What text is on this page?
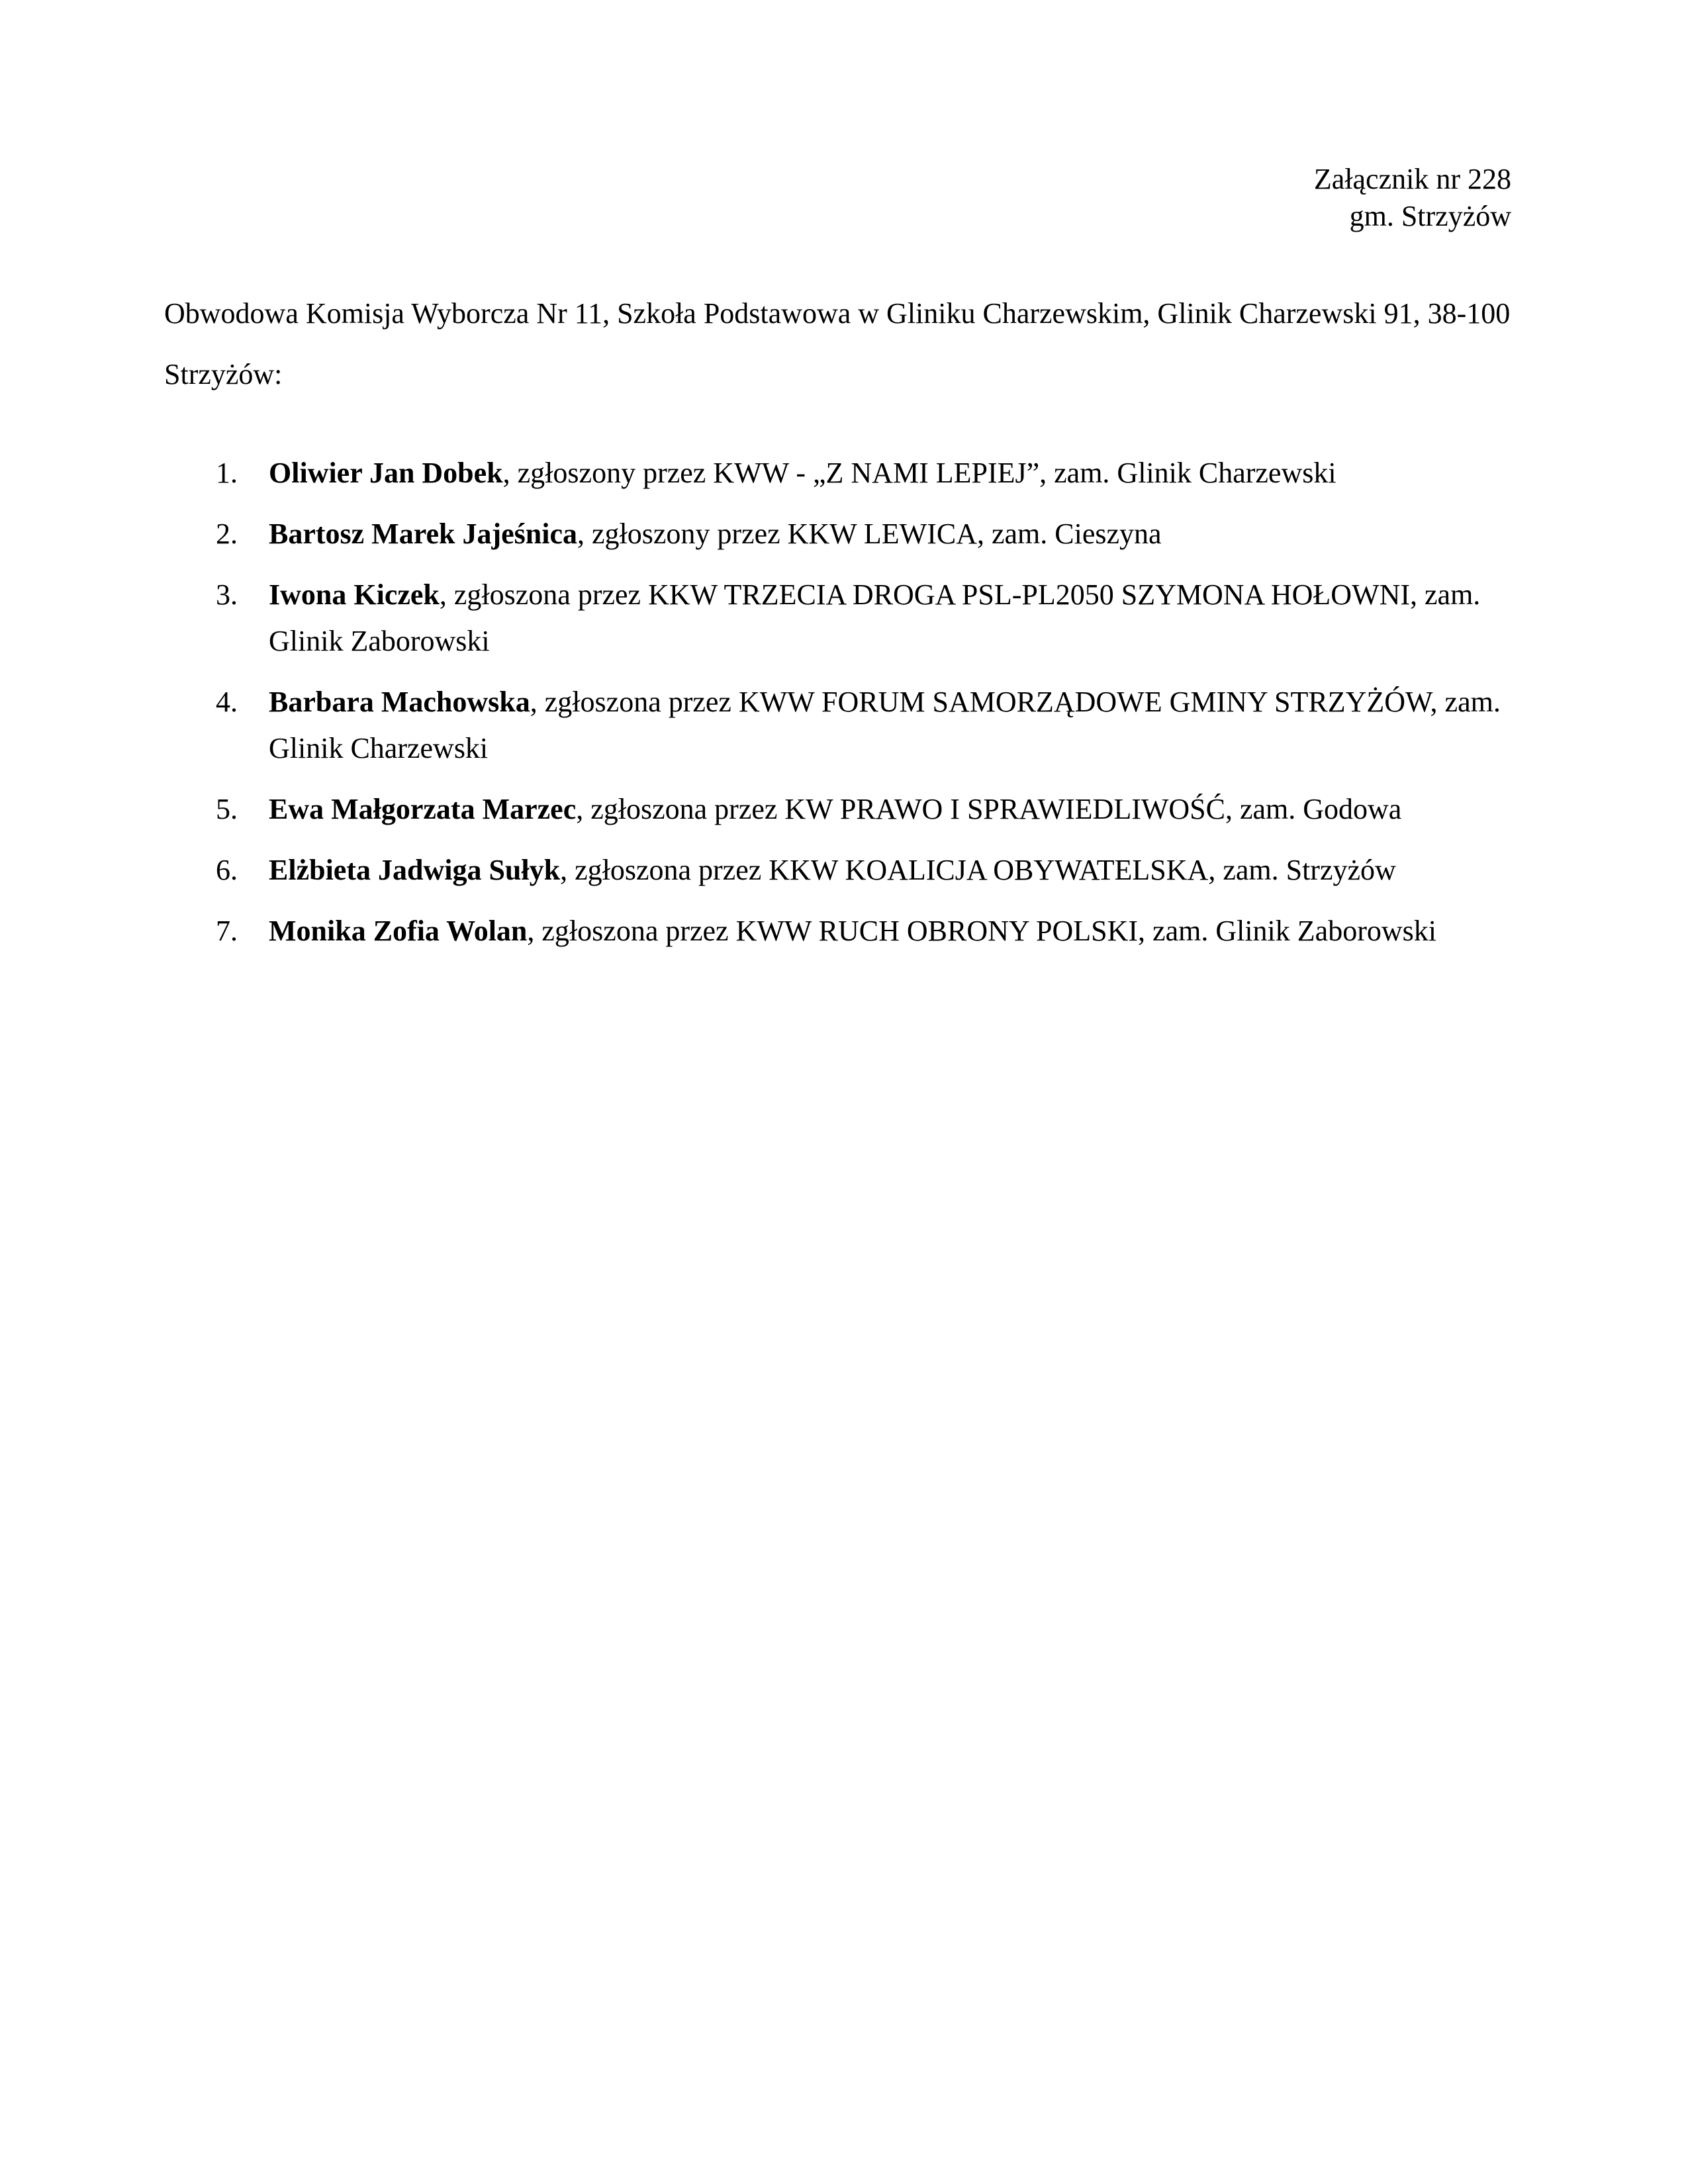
Załącznik nr 228
gm. Strzyżów
Obwodowa Komisja Wyborcza Nr 11, Szkoła Podstawowa w Gliniku Charzewskim, Glinik Charzewski 91, 38-100 Strzyżów:
1. Oliwier Jan Dobek, zgłoszony przez KWW - „Z NAMI LEPIEJ”, zam. Glinik Charzewski
2. Bartosz Marek Jajeśnica, zgłoszony przez KKW LEWICA, zam. Cieszyna
3. Iwona Kiczek, zgłoszona przez KKW TRZECIA DROGA PSL-PL2050 SZYMONA HOŁOWNI, zam. Glinik Zaborowski
4. Barbara Machowska, zgłoszona przez KWW FORUM SAMORZĄDOWE GMINY STRZYŻÓW, zam. Glinik Charzewski
5. Ewa Małgorzata Marzec, zgłoszona przez KW PRAWO I SPRAWIEDLIWOŚĆ, zam. Godowa
6. Elżbieta Jadwiga Sułyk, zgłoszona przez KKW KOALICJA OBYWATELSKA, zam. Strzyżów
7. Monika Zofia Wolan, zgłoszona przez KWW RUCH OBRONY POLSKI, zam. Glinik Zaborowski
